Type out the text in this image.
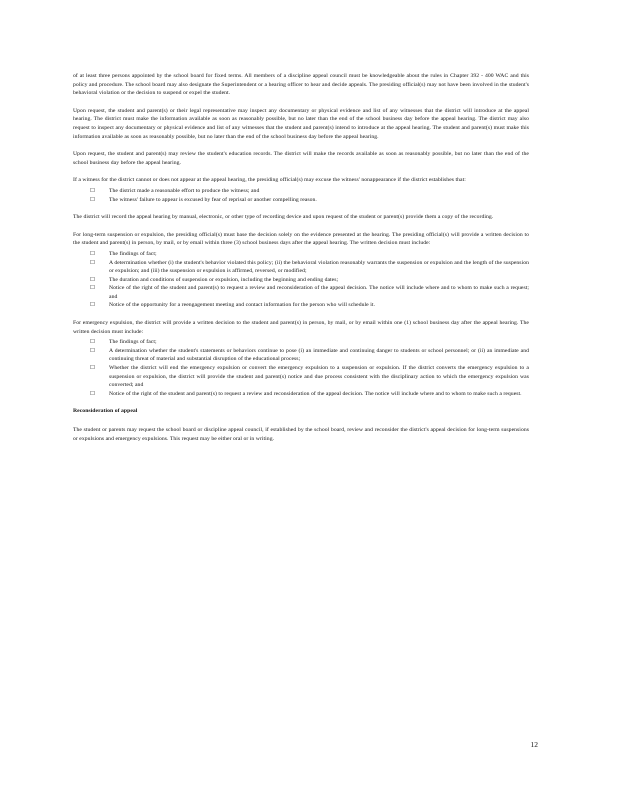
of at least three persons appointed by the school board for fixed terms. All members of a discipline appeal council must be knowledgeable about the rules in Chapter 392 - 400 WAC and this policy and procedure. The school board may also designate the Superintendent or a hearing officer to hear and decide appeals. The presiding official(s) may not have been involved in the student's behavioral violation or the decision to suspend or expel the student.

Upon request, the student and parent(s) or their legal representative may inspect any documentary or physical evidence and list of any witnesses that the district will introduce at the appeal hearing. The district must make the information available as soon as reasonably possible, but no later than the end of the school business day before the appeal hearing. The district may also request to inspect any documentary or physical evidence and list of any witnesses that the student and parent(s) intend to introduce at the appeal hearing. The student and parent(s) must make this information available as soon as reasonably possible, but no later than the end of the school business day before the appeal hearing.

Upon request, the student and parent(s) may review the student's education records. The district will make the records available as soon as reasonably possible, but no later than the end of the school business day before the appeal hearing.

If a witness for the district cannot or does not appear at the appeal hearing, the presiding official(s) may excuse the witness' nonappearance if the district establishes that:

☐	The district made a reasonable effort to produce the witness; and
☐	The witness' failure to appear is excused by fear of reprisal or another compelling reason.

The district will record the appeal hearing by manual, electronic, or other type of recording device and upon request of the student or parent(s) provide them a copy of the recording.

For long-term suspension or expulsion, the presiding official(s) must base the decision solely on the evidence presented at the hearing. The presiding official(s) will provide a written decision to the student and parent(s) in person, by mail, or by email within three (3) school business days after the appeal hearing. The written decision must include:

☐	The findings of fact;
☐	A determination whether (i) the student's behavior violated this policy; (ii) the behavioral violation reasonably warrants the suspension or expulsion and the length of the suspension or expulsion; and (iii) the suspension or expulsion is affirmed, reversed, or modified;
☐	The duration and conditions of suspension or expulsion, including the beginning and ending dates;
☐	Notice of the right of the student and parent(s) to request a review and reconsideration of the appeal decision. The notice will include where and to whom to make such a request; and
☐	Notice of the opportunity for a reengagement meeting and contact information for the person who will schedule it.

For emergency expulsion, the district will provide a written decision to the student and parent(s) in person, by mail, or by email within one (1) school business day after the appeal hearing. The written decision must include:

☐	The findings of fact;
☐	A determination whether the student's statements or behaviors continue to pose (i) an immediate and continuing danger to students or school personnel; or (ii) an immediate and continuing threat of material and substantial disruption of the educational process;
☐	Whether the district will end the emergency expulsion or convert the emergency expulsion to a suspension or expulsion. If the district converts the emergency expulsion to a suspension or expulsion, the district will provide the student and parent(s) notice and due process consistent with the disciplinary action to which the emergency expulsion was converted; and
☐	Notice of the right of the student and parent(s) to request a review and reconsideration of the appeal decision. The notice will include where and to whom to make such a request.

Reconsideration of appeal

The student or parents may request the school board or discipline appeal council, if established by the school board, review and reconsider the district's appeal decision for long-term suspensions or expulsions and emergency expulsions. This request may be either oral or in writing.

12
